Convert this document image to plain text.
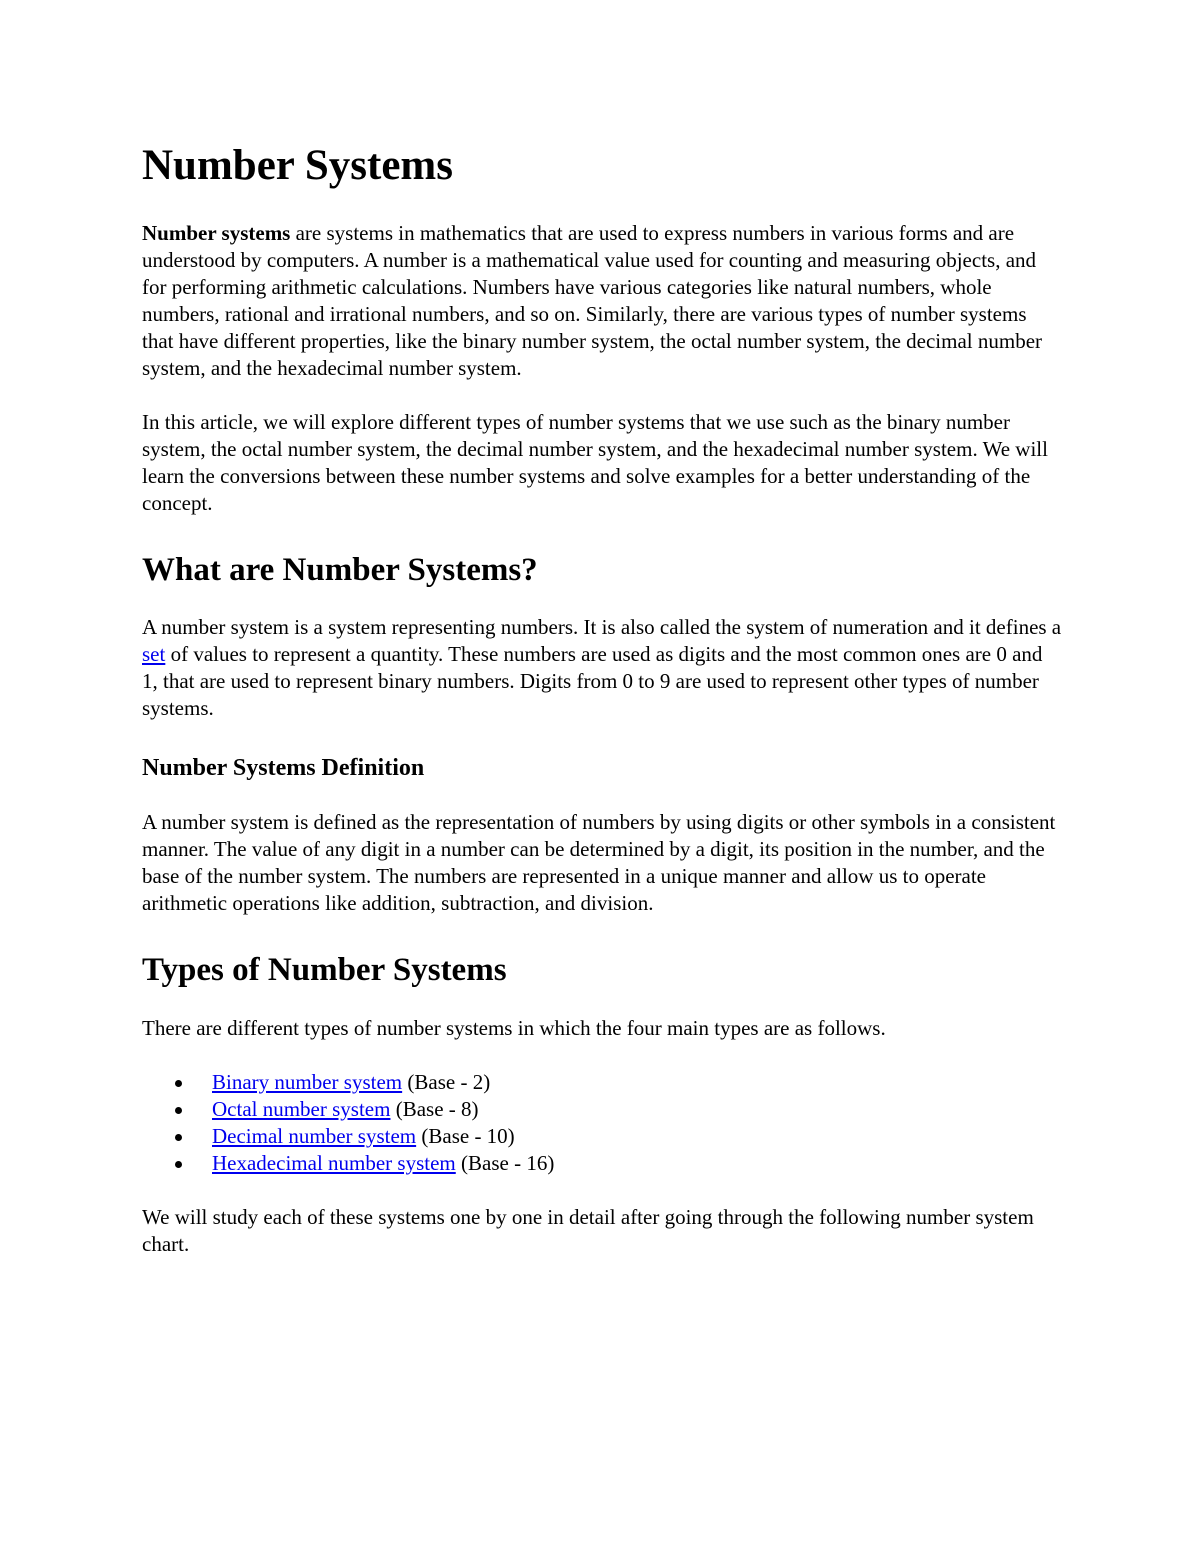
Number Systems

Number systems are systems in mathematics that are used to express numbers in various forms and are understood by computers. A number is a mathematical value used for counting and measuring objects, and for performing arithmetic calculations. Numbers have various categories like natural numbers, whole numbers, rational and irrational numbers, and so on. Similarly, there are various types of number systems that have different properties, like the binary number system, the octal number system, the decimal number system, and the hexadecimal number system.

In this article, we will explore different types of number systems that we use such as the binary number system, the octal number system, the decimal number system, and the hexadecimal number system. We will learn the conversions between these number systems and solve examples for a better understanding of the concept.

What are Number Systems?

A number system is a system representing numbers. It is also called the system of numeration and it defines a set of values to represent a quantity. These numbers are used as digits and the most common ones are 0 and 1, that are used to represent binary numbers. Digits from 0 to 9 are used to represent other types of number systems.

Number Systems Definition

A number system is defined as the representation of numbers by using digits or other symbols in a consistent manner. The value of any digit in a number can be determined by a digit, its position in the number, and the base of the number system. The numbers are represented in a unique manner and allow us to operate arithmetic operations like addition, subtraction, and division.

Types of Number Systems

There are different types of number systems in which the four main types are as follows.

Binary number system (Base - 2)
Octal number system (Base - 8)
Decimal number system (Base - 10)
Hexadecimal number system (Base - 16)

We will study each of these systems one by one in detail after going through the following number system chart.
